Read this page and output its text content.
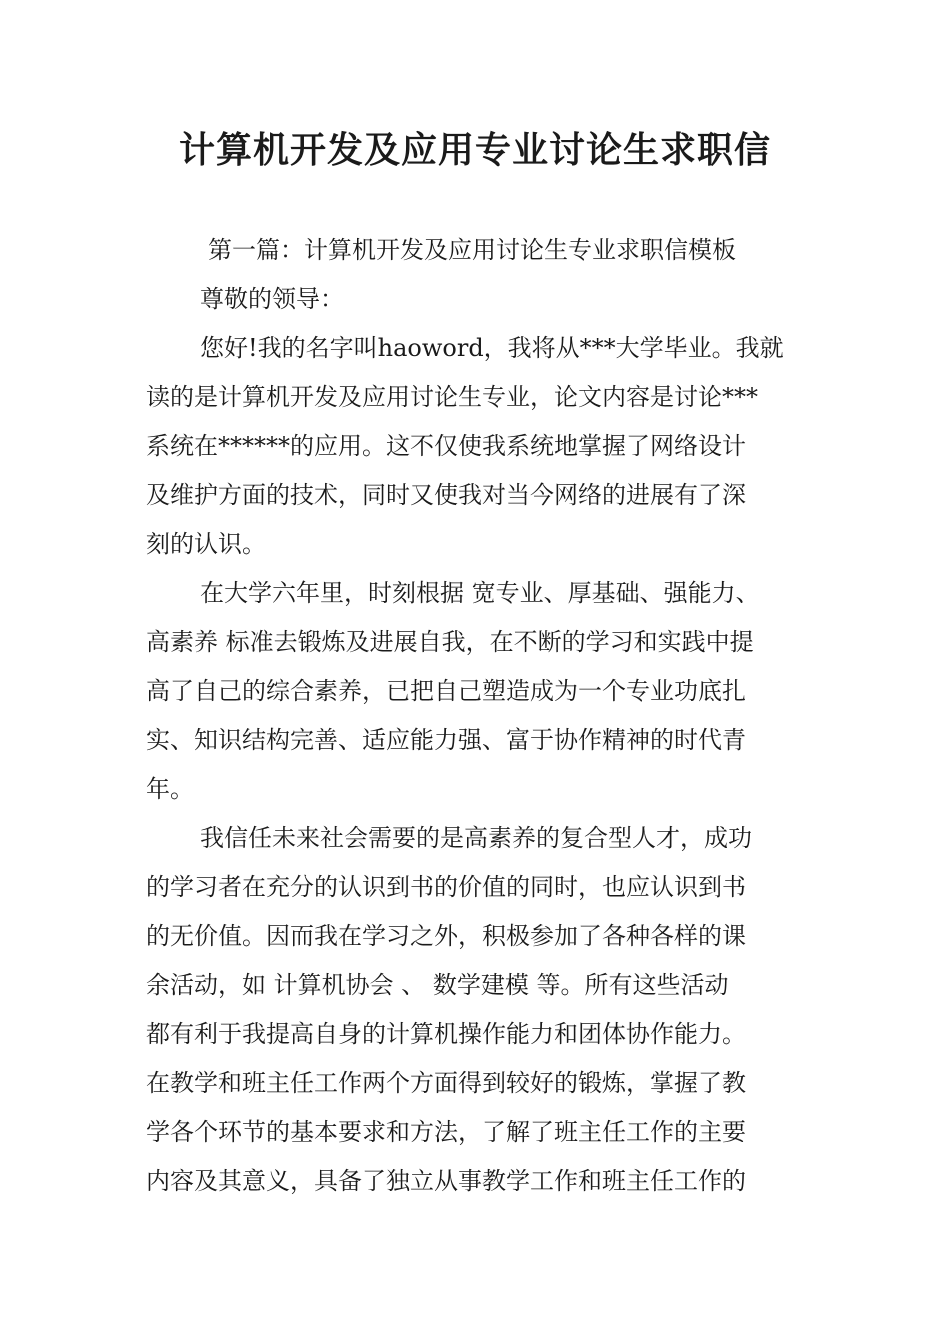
计算机开发及应用专业讨论生求职信
第一篇：计算机开发及应用讨论生专业求职信模板
尊敬的领导：
您好!我的名字叫haoword，我将从***大学毕业。我就
读的是计算机开发及应用讨论生专业，论文内容是讨论***
系统在******的应用。这不仅使我系统地掌握了网络设计
及维护方面的技术，同时又使我对当今网络的进展有了深
刻的认识。
在大学六年里，时刻根据 宽专业、厚基础、强能力、
高素养 标准去锻炼及进展自我，在不断的学习和实践中提
高了自己的综合素养，已把自己塑造成为一个专业功底扎
实、知识结构完善、适应能力强、富于协作精神的时代青
年。
我信任未来社会需要的是高素养的复合型人才，成功
的学习者在充分的认识到书的价值的同时，也应认识到书
的无价值。因而我在学习之外，积极参加了各种各样的课
余活动，如 计算机协会 、 数学建模 等。所有这些活动
都有利于我提高自身的计算机操作能力和团体协作能力。
在教学和班主任工作两个方面得到较好的锻炼，掌握了教
学各个环节的基本要求和方法，了解了班主任工作的主要
内容及其意义，具备了独立从事教学工作和班主任工作的
